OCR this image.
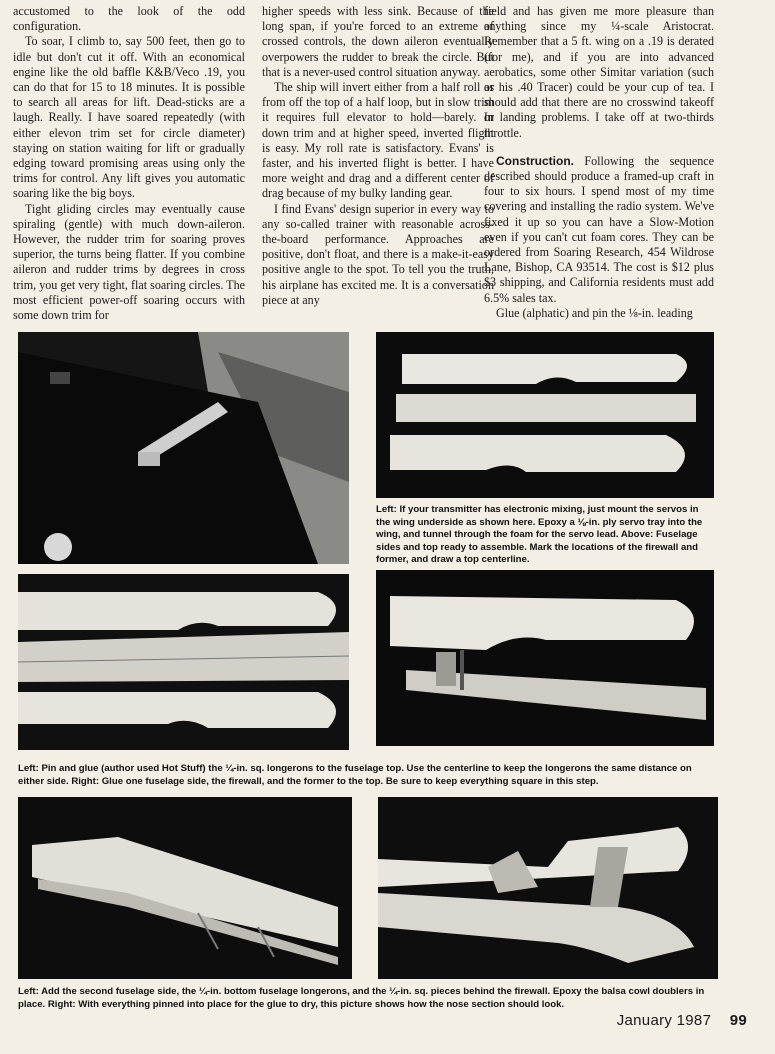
accustomed to the look of the odd configuration.

To soar, I climb to, say 500 feet, then go to idle but don't cut it off. With an economical engine like the old baffle K&B/Veco .19, you can do that for 15 to 18 minutes. It is possible to search all areas for lift. Dead-sticks are a laugh. Really. I have soared repeatedly (with either elevon trim set for circle diameter) staying on station waiting for lift or gradually edging toward promising areas using only the trims for control. Any lift gives you automatic soaring like the big boys.

Tight gliding circles may eventually cause spiraling (gentle) with much down-aileron. However, the rudder trim for soaring proves superior, the turns being flatter. If you combine aileron and rudder trims by degrees in cross trim, you get very tight, flat soaring circles. The most efficient power-off soaring occurs with some down trim for

higher speeds with less sink. Because of the long span, if you're forced to an extreme of crossed controls, the down aileron eventually overpowers the rudder to break the circle. But that is a never-used control situation anyway.

The ship will invert either from a half roll or from off the top of a half loop, but in slow trim it requires full elevator to hold—barely. In down trim and at higher speed, inverted flight is easy. My roll rate is satisfactory. Evans' is faster, and his inverted flight is better. I have more weight and drag and a different center of drag because of my bulky landing gear.

I find Evans' design superior in every way to any so-called trainer with reasonable across-the-board performance. Approaches are positive, don't float, and there is a make-it-easy positive angle to the spot. To tell you the truth, his airplane has excited me. It is a conversation piece at any

field and has given me more pleasure than anything since my ¼-scale Aristocrat. Remember that a 5 ft. wing on a .19 is derated (for me), and if you are into advanced aerobatics, some other Simitar variation (such as his .40 Tracer) could be your cup of tea. I should add that there are no crosswind takeoff or landing problems. I take off at two-thirds throttle.

Construction. Following the sequence described should produce a framed-up craft in four to six hours. I spend most of my time covering and installing the radio system. We've fixed it up so you can have a Slow-Motion even if you can't cut foam cores. They can be ordered from Soaring Research, 454 Wildrose Lane, Bishop, CA 93514. The cost is $12 plus $3 shipping, and California residents must add 6.5% sales tax.

Glue (alphatic) and pin the ⅛-in. leading

Left: If your transmitter has electronic mixing, just mount the servos in the wing underside as shown here. Epoxy a ⅛-in. ply servo tray into the wing, and tunnel through the foam for the servo lead. Above: Fuselage sides and top ready to assemble. Mark the locations of the firewall and former, and draw a top centerline.
Left: Pin and glue (author used Hot Stuff) the ¼-in. sq. longerons to the fuselage top. Use the centerline to keep the longerons the same distance on either side. Right: Glue one fuselage side, the firewall, and the former to the top. Be sure to keep everything square in this step.
Left: Add the second fuselage side, the ¼-in. bottom fuselage longerons, and the ¼-in. sq. pieces behind the firewall. Epoxy the balsa cowl doublers in place. Right: With everything pinned into place for the glue to dry, this picture shows how the nose section should look.
January 1987 99
